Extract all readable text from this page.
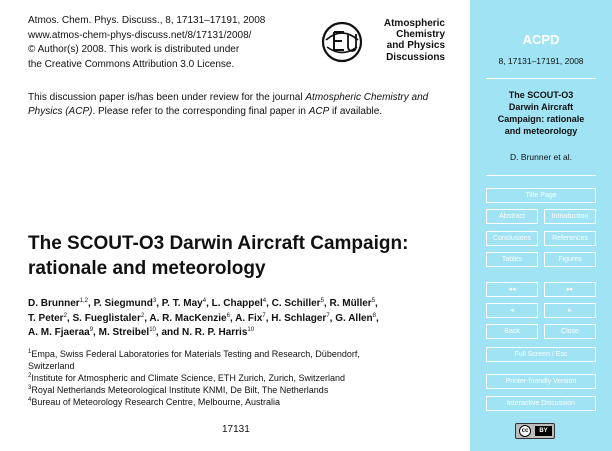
Atmos. Chem. Phys. Discuss., 8, 17131–17191, 2008
www.atmos-chem-phys-discuss.net/8/17131/2008/
© Author(s) 2008. This work is distributed under
the Creative Commons Attribution 3.0 License.
Atmospheric
Chemistry
and Physics
Discussions
This discussion paper is/has been under review for the journal Atmospheric Chemistry and Physics (ACP). Please refer to the corresponding final paper in ACP if available.
The SCOUT-O3 Darwin Aircraft Campaign:
rationale and meteorology
D. Brunner$^{1,2}$, P. Siegmund$^3$, P. T. May$^4$, L. Chappel$^4$, C. Schiller$^5$, R. Müller$^5$,
T. Peter$^2$, S. Fueglistaler$^2$, A. R. MacKenzie$^6$, A. Fix$^7$, H. Schlager$^7$, G. Allen$^8$,
A. M. Fjaeraa$^9$, M. Streibel$^{10}$, and N. R. P. Harris$^{10}$
$^1$Empa, Swiss Federal Laboratories for Materials Testing and Research, Dübendorf,
Switzerland
$^2$Institute for Atmospheric and Climate Science, ETH Zurich, Zurich, Switzerland
$^3$Royal Netherlands Meteorological Institute KNMI, De Bilt, The Netherlands
$^4$Bureau of Meteorology Research Centre, Melbourne, Australia
17131
ACPD
8, 17131–17191, 2008
The SCOUT-O3
Darwin Aircraft
Campaign: rationale
and meteorology
D. Brunner et al.
Title Page
Abstract	Introduction
Conclusions	References
Tables	Figures
◂◂	▸▸
◂	▸
Back	Close
Full Screen / Esc
Printer-friendly Version
Interactive Discussion
cc	BY
